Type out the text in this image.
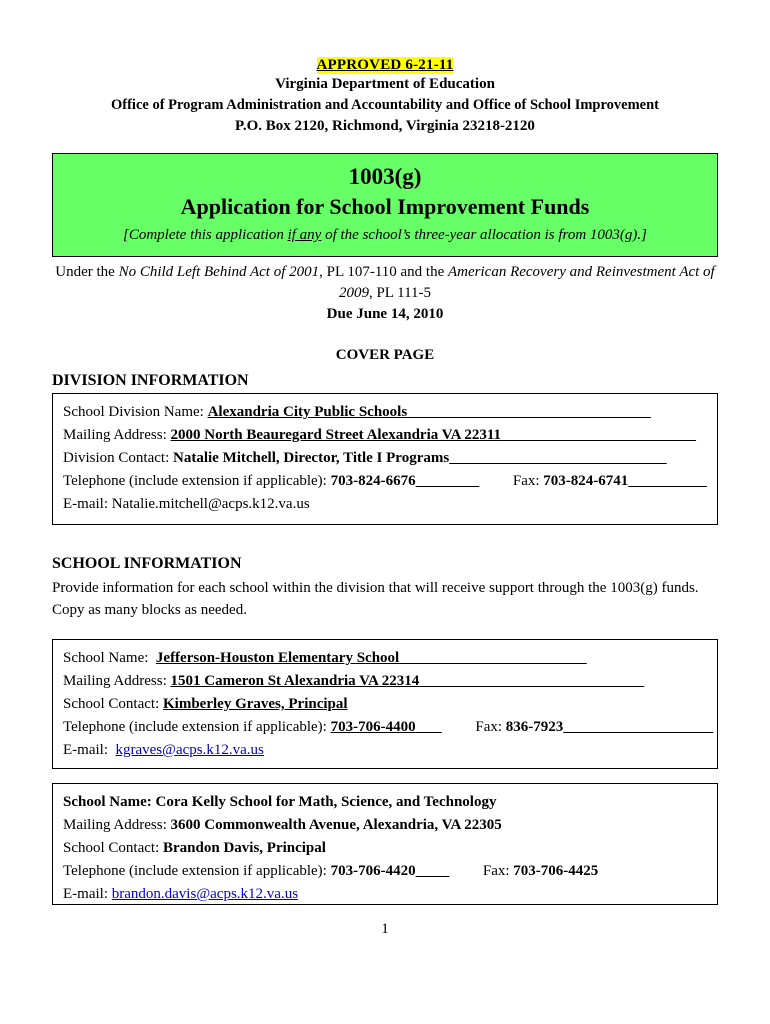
APPROVED 6-21-11
Virginia Department of Education
Office of Program Administration and Accountability and Office of School Improvement
P.O. Box 2120, Richmond, Virginia 23218-2120
1003(g)
Application for School Improvement Funds
[Complete this application if any of the school’s three-year allocation is from 1003(g).]
Under the No Child Left Behind Act of 2001, PL 107-110 and the American Recovery and Reinvestment Act of 2009, PL 111-5
Due June 14, 2010
COVER PAGE
DIVISION INFORMATION
School Division Name: Alexandria City Public Schools
Mailing Address: 2000 North Beauregard Street Alexandria VA 22311
Division Contact: Natalie Mitchell, Director, Title I Programs
Telephone (include extension if applicable): 703-824-6676	Fax: 703-824-6741
E-mail: Natalie.mitchell@acps.k12.va.us
SCHOOL INFORMATION
Provide information for each school within the division that will receive support through the 1003(g) funds. Copy as many blocks as needed.
School Name:  Jefferson-Houston Elementary School
Mailing Address: 1501 Cameron St Alexandria VA 22314
School Contact: Kimberley Graves, Principal
Telephone (include extension if applicable): 703-706-4400	Fax: 836-7923
E-mail: kgraves@acps.k12.va.us
School Name: Cora Kelly School for Math, Science, and Technology
Mailing Address: 3600 Commonwealth Avenue, Alexandria, VA 22305
School Contact: Brandon Davis, Principal
Telephone (include extension if applicable): 703-706-4420	Fax: 703-706-4425
E-mail: brandon.davis@acps.k12.va.us
1
